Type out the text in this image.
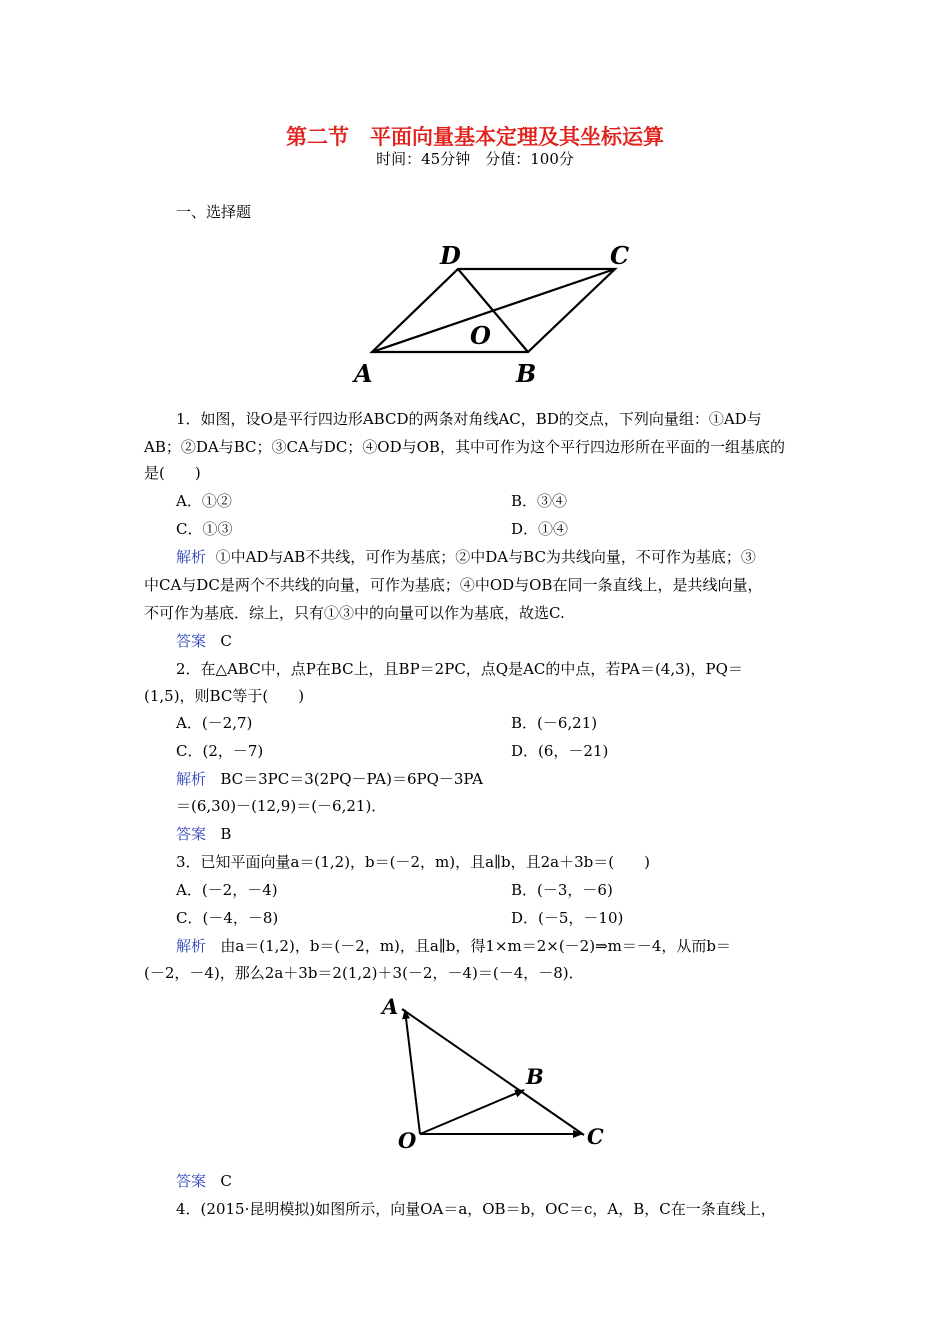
第二节　平面向量基本定理及其坐标运算
时间：45分钟　分值：100分
一、选择题
D	C
O
A	B
1．如图，设O是平行四边形ABCD的两条对角线AC，BD的交点，下列向量组：①AD与
AB；②DA与BC；③CA与DC；④OD与OB，其中可作为这个平行四边形所在平面的一组基底的
是(　　)
A．①②	B．③④
C．①③	D．①④
解析 ①中AD与AB不共线，可作为基底；②中DA与BC为共线向量，不可作为基底；③
中CA与DC是两个不共线的向量，可作为基底；④中OD与OB在同一条直线上，是共线向量，
不可作为基底．综上，只有①③中的向量可以作为基底，故选C.
答案 C
2．在△ABC中，点P在BC上，且BP＝2PC，点Q是AC的中点，若PA＝(4,3)，PQ＝
(1,5)，则BC等于(　　)
A．(－2,7)	B．(－6,21)
C．(2，－7)	D．(6，－21)
解析 BC＝3PC＝3(2PQ－PA)＝6PQ－3PA
＝(6,30)－(12,9)＝(－6,21)．
答案 B
3．已知平面向量a＝(1,2)，b＝(－2，m)，且a∥b，且2a＋3b＝(　　)
A．(－2，－4)	B．(－3，－6)
C．(－4，－8)	D．(－5，－10)
解析 由a＝(1,2)，b＝(－2，m)，且a∥b，得1×m＝2×(－2)⇒m＝－4，从而b＝
(－2，－4)，那么2a＋3b＝2(1,2)＋3(－2，－4)＝(－4，－8)．
A
B
C
O
答案 C
4．(2015·昆明模拟)如图所示，向量OA＝a，OB＝b，OC＝c，A，B，C在一条直线上，
